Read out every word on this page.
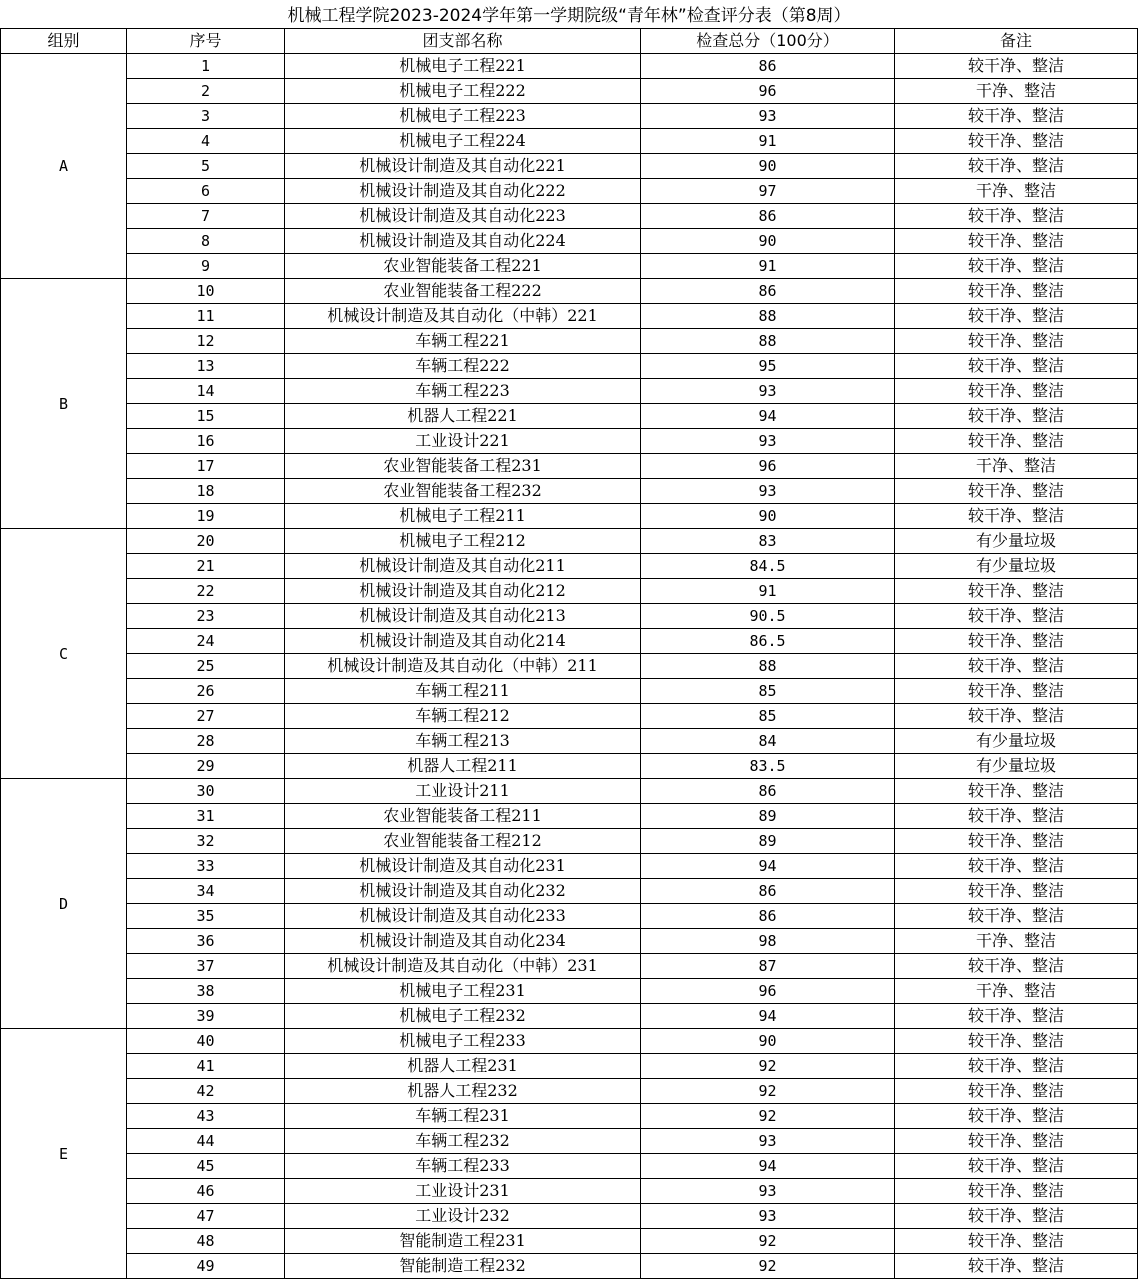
机械工程学院2023-2024学年第一学期院级“青年林”检查评分表（第8周）
组别	序号	团支部名称	检查总分（100分）	备注
A	1	机械电子工程221	86	较干净、整洁
	2	机械电子工程222	96	干净、整洁
	3	机械电子工程223	93	较干净、整洁
	4	机械电子工程224	91	较干净、整洁
	5	机械设计制造及其自动化221	90	较干净、整洁
	6	机械设计制造及其自动化222	97	干净、整洁
	7	机械设计制造及其自动化223	86	较干净、整洁
	8	机械设计制造及其自动化224	90	较干净、整洁
	9	农业智能装备工程221	91	较干净、整洁
B	10	农业智能装备工程222	86	较干净、整洁
	11	机械设计制造及其自动化（中韩）221	88	较干净、整洁
	12	车辆工程221	88	较干净、整洁
	13	车辆工程222	95	较干净、整洁
	14	车辆工程223	93	较干净、整洁
	15	机器人工程221	94	较干净、整洁
	16	工业设计221	93	较干净、整洁
	17	农业智能装备工程231	96	干净、整洁
	18	农业智能装备工程232	93	较干净、整洁
	19	机械电子工程211	90	较干净、整洁
C	20	机械电子工程212	83	有少量垃圾
	21	机械设计制造及其自动化211	84.5	有少量垃圾
	22	机械设计制造及其自动化212	91	较干净、整洁
	23	机械设计制造及其自动化213	90.5	较干净、整洁
	24	机械设计制造及其自动化214	86.5	较干净、整洁
	25	机械设计制造及其自动化（中韩）211	88	较干净、整洁
	26	车辆工程211	85	较干净、整洁
	27	车辆工程212	85	较干净、整洁
	28	车辆工程213	84	有少量垃圾
	29	机器人工程211	83.5	有少量垃圾
D	30	工业设计211	86	较干净、整洁
	31	农业智能装备工程211	89	较干净、整洁
	32	农业智能装备工程212	89	较干净、整洁
	33	机械设计制造及其自动化231	94	较干净、整洁
	34	机械设计制造及其自动化232	86	较干净、整洁
	35	机械设计制造及其自动化233	86	较干净、整洁
	36	机械设计制造及其自动化234	98	干净、整洁
	37	机械设计制造及其自动化（中韩）231	87	较干净、整洁
	38	机械电子工程231	96	干净、整洁
	39	机械电子工程232	94	较干净、整洁
E	40	机械电子工程233	90	较干净、整洁
	41	机器人工程231	92	较干净、整洁
	42	机器人工程232	92	较干净、整洁
	43	车辆工程231	92	较干净、整洁
	44	车辆工程232	93	较干净、整洁
	45	车辆工程233	94	较干净、整洁
	46	工业设计231	93	较干净、整洁
	47	工业设计232	93	较干净、整洁
	48	智能制造工程231	92	较干净、整洁
	49	智能制造工程232	92	较干净、整洁
